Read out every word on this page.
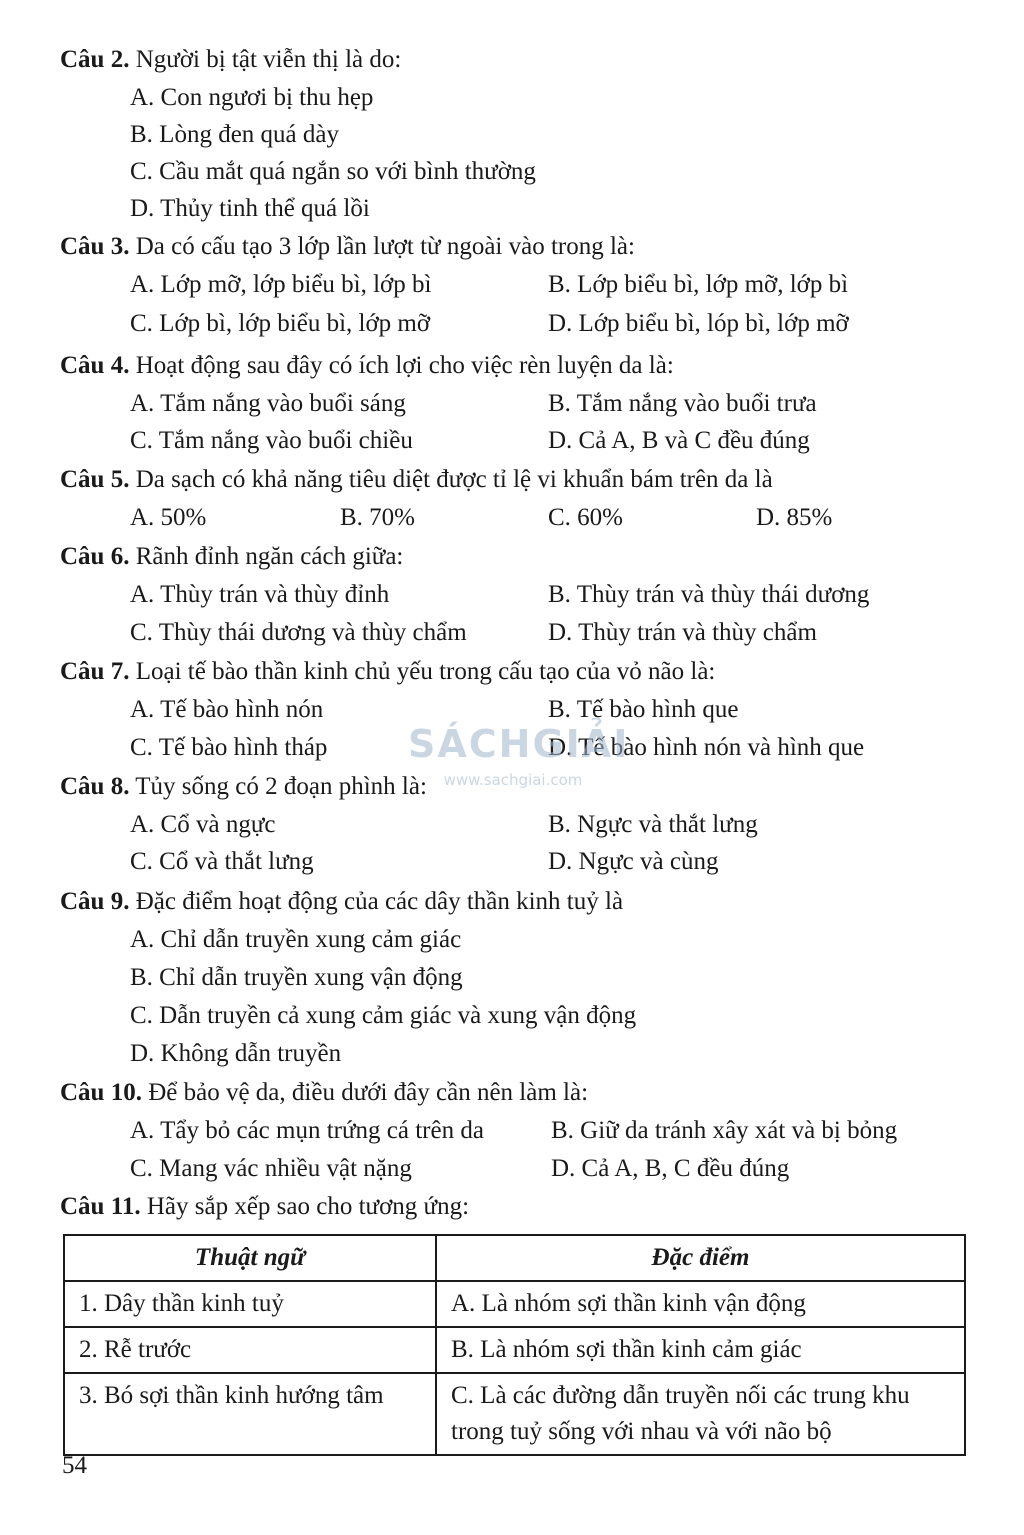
Câu 2. Người bị tật viễn thị là do:
A. Con ngươi bị thu hẹp
B. Lòng đen quá dày
C. Cầu mắt quá ngắn so với bình thường
D. Thủy tinh thể quá lồi
Câu 3. Da có cấu tạo 3 lớp lần lượt từ ngoài vào trong là:
A. Lớp mỡ, lớp biểu bì, lớp bì	B. Lớp biểu bì, lớp mỡ, lớp bì
C. Lớp bì, lớp biểu bì, lớp mỡ	D. Lớp biểu bì, lóp bì, lớp mỡ
Câu 4. Hoạt động sau đây có ích lợi cho việc rèn luyện da là:
A. Tắm nắng vào buổi sáng	B. Tắm nắng vào buổi trưa
C. Tắm nắng vào buổi chiều	D. Cả A, B và C đều đúng
Câu 5. Da sạch có khả năng tiêu diệt được tỉ lệ vi khuẩn bám trên da là
A. 50%	B. 70%	C. 60%	D. 85%
Câu 6. Rãnh đỉnh ngăn cách giữa:
A. Thùy trán và thùy đỉnh	B. Thùy trán và thùy thái dương
C. Thùy thái dương và thùy chẩm	D. Thùy trán và thùy chẩm
Câu 7. Loại tế bào thần kinh chủ yếu trong cấu tạo của vỏ não là:
A. Tế bào hình nón	B. Tế bào hình que
C. Tế bào hình tháp	D. Tế bào hình nón và hình que
Câu 8. Tủy sống có 2 đoạn phình là:
A. Cổ và ngực	B. Ngực và thắt lưng
C. Cổ và thắt lưng	D. Ngực và cùng
Câu 9. Đặc điểm hoạt động của các dây thần kinh tuỷ là
A. Chỉ dẫn truyền xung cảm giác
B. Chỉ dẫn truyền xung vận động
C. Dẫn truyền cả xung cảm giác và xung vận động
D. Không dẫn truyền
Câu 10. Để bảo vệ da, điều dưới đây cần nên làm là:
A. Tẩy bỏ các mụn trứng cá trên da	B. Giữ da tránh xây xát và bị bỏng
C. Mang vác nhiều vật nặng	D. Cả A, B, C đều đúng
Câu 11. Hãy sắp xếp sao cho tương ứng:
Thuật ngữ	Đặc điểm
1. Dây thần kinh tuỷ	A. Là nhóm sợi thần kinh vận động
2. Rễ trước	B. Là nhóm sợi thần kinh cảm giác
3. Bó sợi thần kinh hướng tâm	C. Là các đường dẫn truyền nối các trung khu trong tuỷ sống với nhau và với não bộ
SÁCHGIẢI
www.sachgiai.com
54
